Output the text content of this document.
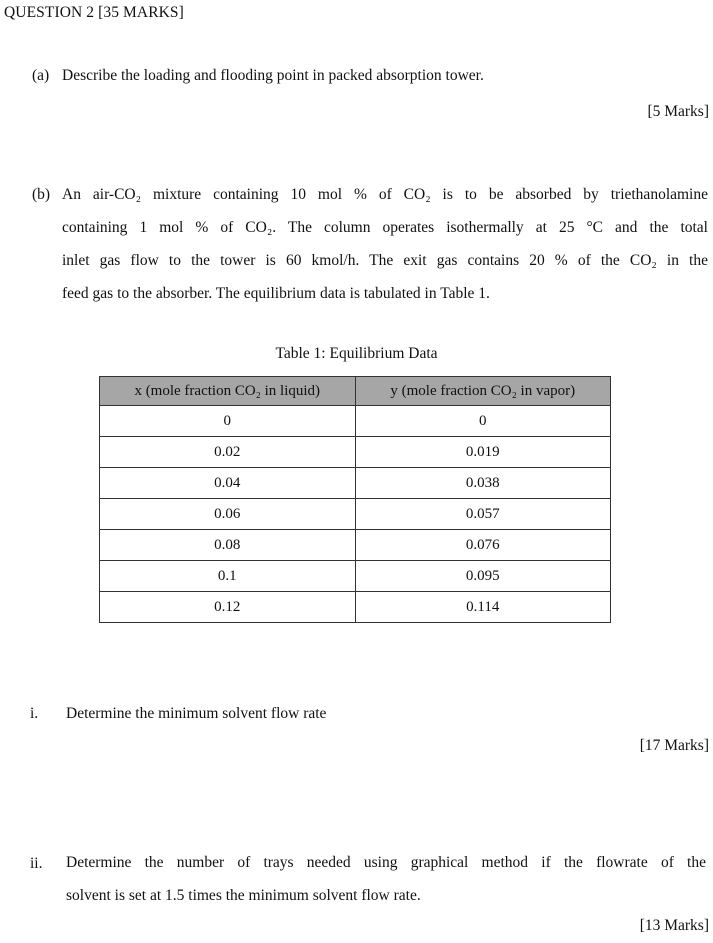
QUESTION 2 [35 MARKS]
(a) Describe the loading and flooding point in packed absorption tower.
[5 Marks]
(b) An air-CO₂ mixture containing 10 mol % of CO₂ is to be absorbed by triethanolamine

containing 1 mol % of CO₂. The column operates isothermally at 25 °C and the total

inlet gas flow to the tower is 60 kmol/h. The exit gas contains 20 % of the CO₂ in the

feed gas to the absorber. The equilibrium data is tabulated in Table 1.

Table 1: Equilibrium Data
x (mole fraction CO₂ in liquid)	y (mole fraction CO₂ in vapor)
0	0
0.02	0.019
0.04	0.038
0.06	0.057
0.08	0.076
0.1	0.095
0.12	0.114
i. Determine the minimum solvent flow rate
[17 Marks]
ii. Determine the number of trays needed using graphical method if the flowrate of the

solvent is set at 1.5 times the minimum solvent flow rate.

[13 Marks]
